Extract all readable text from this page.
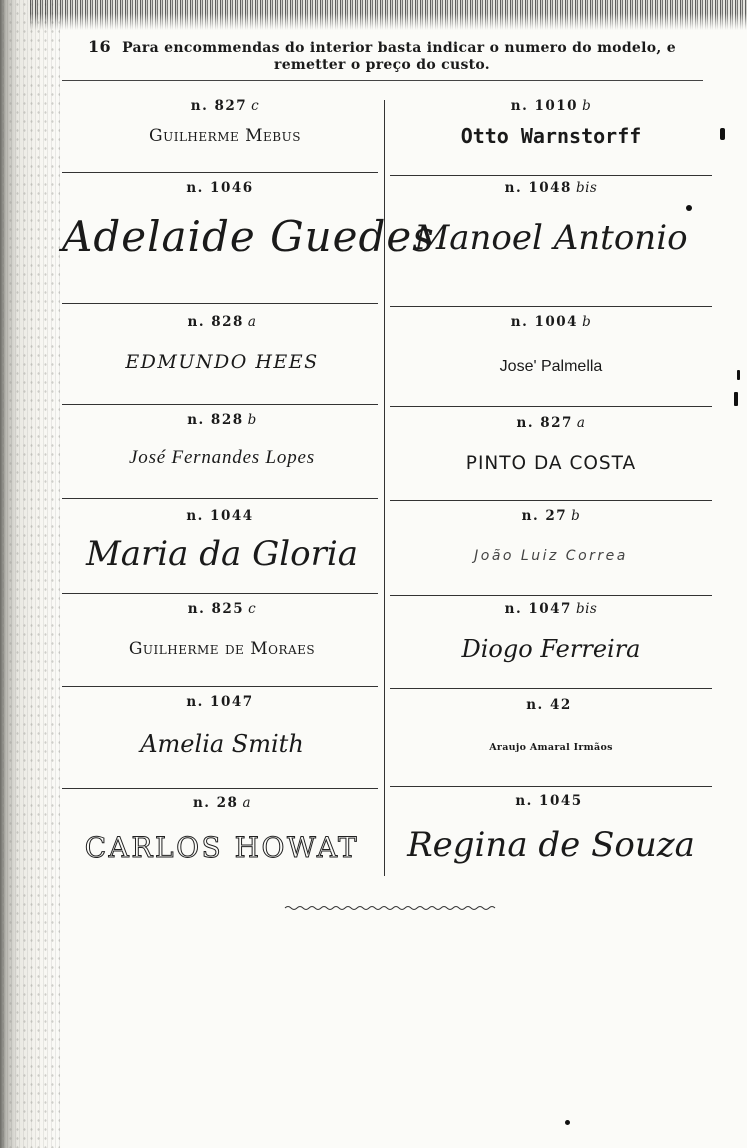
16 Para encommendas do interior basta indicar o numero do modelo, e remetter o preço do custo.
n. 827 c
Guilherme Mebus
n. 1010 b
Otto Warnstorff
n. 1046
Adelaide Guedes
n. 1048 bis
Manoel Antonio
n. 828 a
EDMUNDO HEES
n. 1004 b
Jose' Palmella
n. 828 b
José Fernandes Lopes
n. 827 a
PINTO DA COSTA
n. 1044
Maria da Gloria
n. 27 b
João Luiz Correa
n. 825 c
Guilherme de Moraes
n. 1047 bis
Diogo Ferreira
n. 1047
Amelia Smith
n. 42
Araujo Amaral Irmãos
n. 28 a
CARLOS HOWAT
n. 1045
Regina de Souza
